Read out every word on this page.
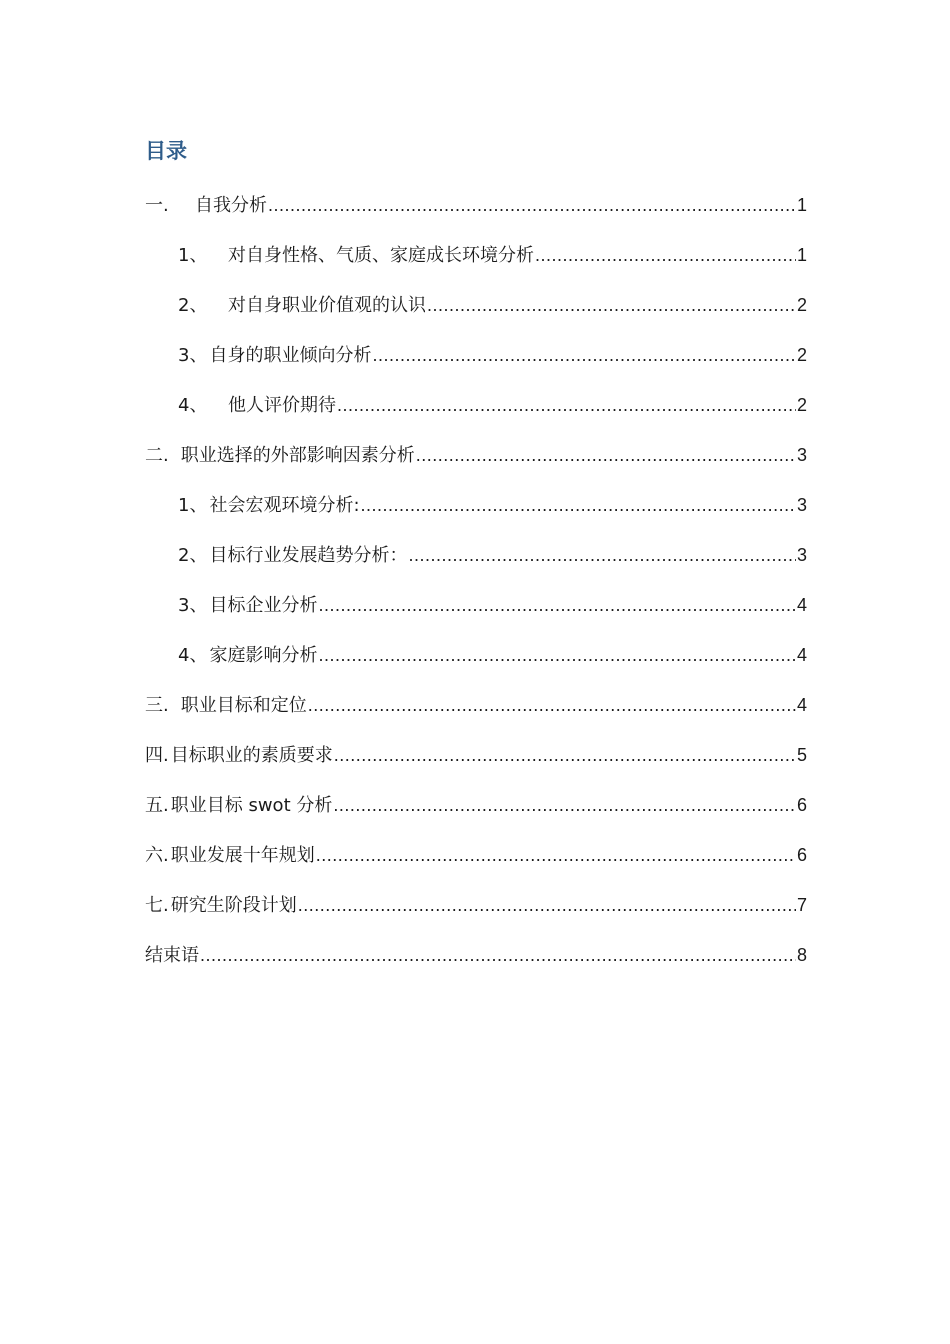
目录
一.	自我分析 .....	1
1、	对自身性格、气质、家庭成长环境分析 .....	1
2、	对自身职业价值观的认识 .....	2
3、 自身的职业倾向分析 .....	2
4、	他人评价期待 .....	2
二. 职业选择的外部影响因素分析 .....	3
1、 社会宏观环境分析: .....	3
2、 目标行业发展趋势分析： .....	3
3、 目标企业分析 .....	4
4、 家庭影响分析 .....	4
三. 职业目标和定位 .....	4
四. 目标职业的素质要求 .....	5
五. 职业目标 swot 分析 .....	6
六. 职业发展十年规划 .....	6
七. 研究生阶段计划 .....	7
结束语 .....	8
